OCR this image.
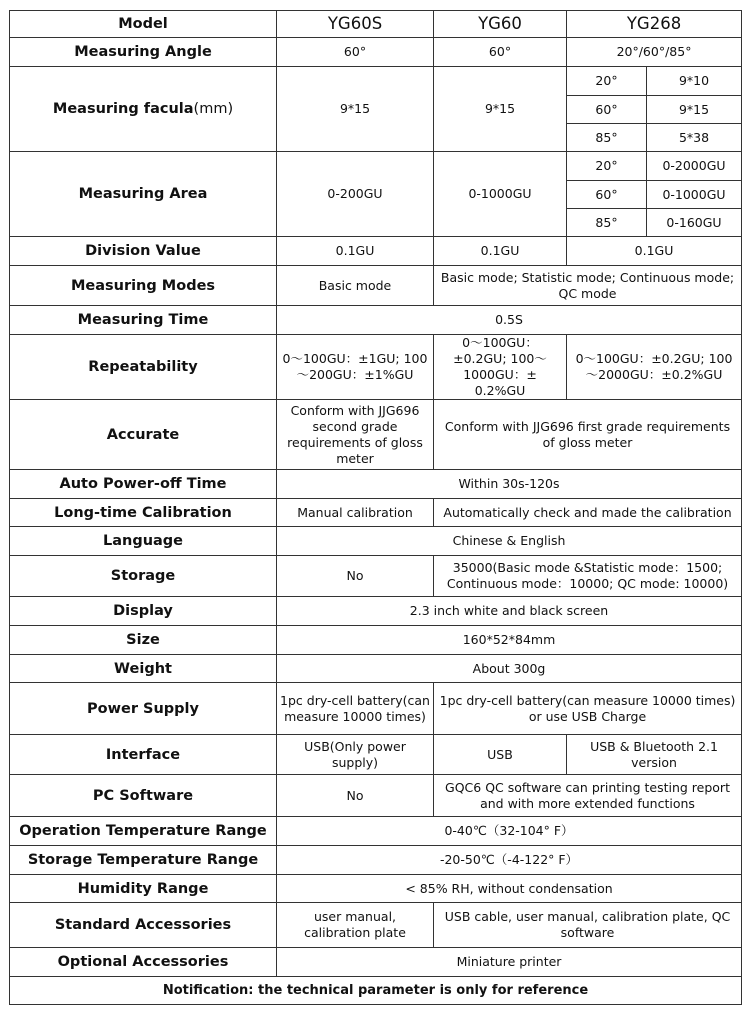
Model	YG60S	YG60	YG268	
Measuring Angle	60°	60°	20°/60°/85°	
Measuring facula(mm)	9*15	9*15	20°	9*10
			60°	9*15
			85°	5*38
Measuring Area	0-200GU	0-1000GU	20°	0-2000GU
			60°	0-1000GU
			85°	0-160GU
Division Value	0.1GU	0.1GU	0.1GU	
Measuring Modes	Basic mode	Basic mode; Statistic mode; Continuous mode; QC mode		
Measuring Time	0.5S			
Repeatability	0～100GU：±1GU; 100～200GU：±1%GU	0～100GU：±0.2GU; 100～1000GU：± 0.2%GU	0～100GU：±0.2GU; 100～2000GU：±0.2%GU	
Accurate	Conform with JJG696 second grade requirements of gloss meter	Conform with JJG696 first grade requirements of gloss meter		
Auto Power-off Time	Within 30s-120s			
Long-time Calibration	Manual calibration	Automatically check and made the calibration		
Language	Chinese & English			
Storage	No	35000(Basic mode &Statistic mode：1500; Continuous mode：10000; QC mode: 10000)		
Display	2.3 inch white and black screen			
Size	160*52*84mm			
Weight	About 300g			
Power Supply	1pc dry-cell battery(can measure 10000 times)	1pc dry-cell battery(can measure 10000 times) or use USB Charge		
Interface	USB(Only power supply)	USB	USB & Bluetooth 2.1 version	
PC Software	No	GQC6 QC software can printing testing report and with more extended functions		
Operation Temperature Range	0-40℃（32-104° F）			
Storage Temperature Range	-20-50℃（-4-122° F）			
Humidity Range	< 85% RH, without condensation			
Standard Accessories	user manual, calibration plate	USB cable, user manual, calibration plate, QC software		
Optional Accessories	Miniature printer			
Notification: the technical parameter is only for reference				
